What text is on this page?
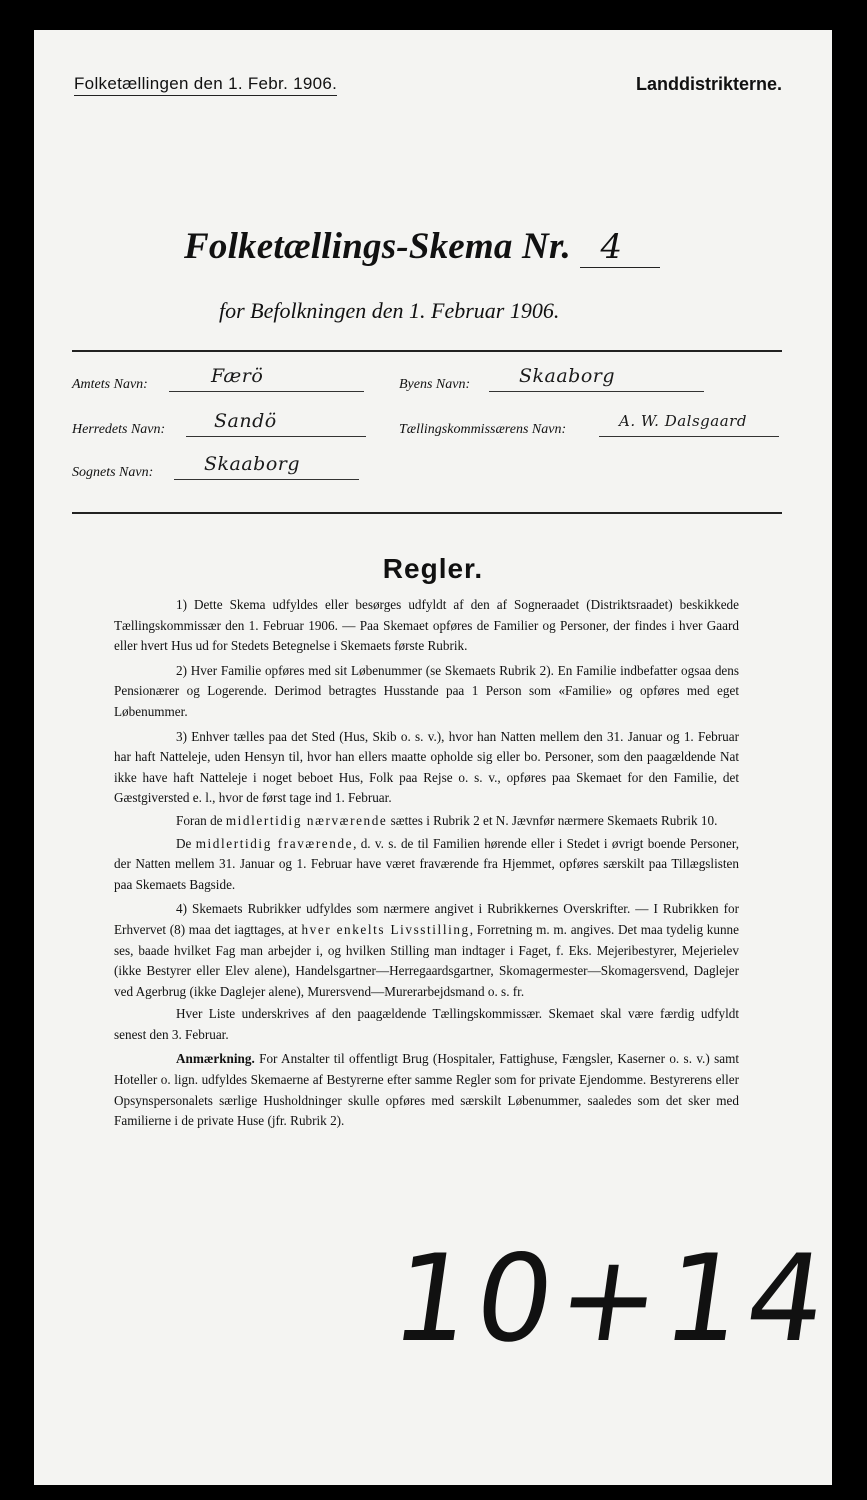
Folketællingen den 1. Febr. 1906.	Landdistrikterne.
Folketællings-Skema Nr. 4
for Befolkningen den 1. Februar 1906.
Amtets Navn:	Færö	Byens Navn:	Skaaborg
Herredets Navn:	Sandö	Tællingskommissærens Navn:	A. W. Dalsgaard
Sognets Navn:	Skaaborg
Regler.

1) Dette Skema udfyldes eller besørges udfyldt af den af Sogneraadet (Distriktsraadet) beskikkede Tællingskommissær den 1. Februar 1906. — Paa Skemaet opføres de Familier og Personer, der findes i hver Gaard eller hvert Hus ud for Stedets Betegnelse i Skemaets første Rubrik.

2) Hver Familie opføres med sit Løbenummer (se Skemaets Rubrik 2). En Familie indbefatter ogsaa dens Pensionærer og Logerende. Derimod betragtes Husstande paa 1 Person som «Familie» og opføres med eget Løbenummer.

3) Enhver tælles paa det Sted (Hus, Skib o. s. v.), hvor han Natten mellem den 31. Januar og 1. Februar har haft Natteleje, uden Hensyn til, hvor han ellers maatte opholde sig eller bo. Personer, som den paagældende Nat ikke have haft Natteleje i noget beboet Hus, Folk paa Rejse o. s. v., opføres paa Skemaet for den Familie, det Gæstgiversted e. l., hvor de først tage ind 1. Februar.

Foran de midlertidig nærværende sættes i Rubrik 2 et N. Jævnfør nærmere Skemaets Rubrik 10.

De midlertidig fraværende, d. v. s. de til Familien hørende eller i Stedet i øvrigt boende Personer, der Natten mellem 31. Januar og 1. Februar have været fraværende fra Hjemmet, opføres særskilt paa Tillægslisten paa Skemaets Bagside.

4) Skemaets Rubrikker udfyldes som nærmere angivet i Rubrikkernes Overskrifter. — I Rubrikken for Erhvervet (8) maa det iagttages, at hver enkelts Livsstilling, Forretning m. m. angives. Det maa tydelig kunne ses, baade hvilket Fag man arbejder i, og hvilken Stilling man indtager i Faget, f. Eks. Mejeribestyrer, Mejerielev (ikke Bestyrer eller Elev alene), Handelsgartner—Herregaardsgartner, Skomagermester—Skomagersvend, Daglejer ved Agerbrug (ikke Daglejer alene), Murersvend—Murerarbejdsmand o. s. fr.

Hver Liste underskrives af den paagældende Tællingskommissær. Skemaet skal være færdig udfyldt senest den 3. Februar.

Anmærkning. For Anstalter til offentligt Brug (Hospitaler, Fattighuse, Fængsler, Kaserner o. s. v.) samt Hoteller o. lign. udfyldes Skemaerne af Bestyrerne efter samme Regler som for private Ejendomme. Bestyrerens eller Opsynspersonalets særlige Husholdninger skulle opføres med særskilt Løbenummer, saaledes som det sker med Familierne i de private Huse (jfr. Rubrik 2).

10+14
